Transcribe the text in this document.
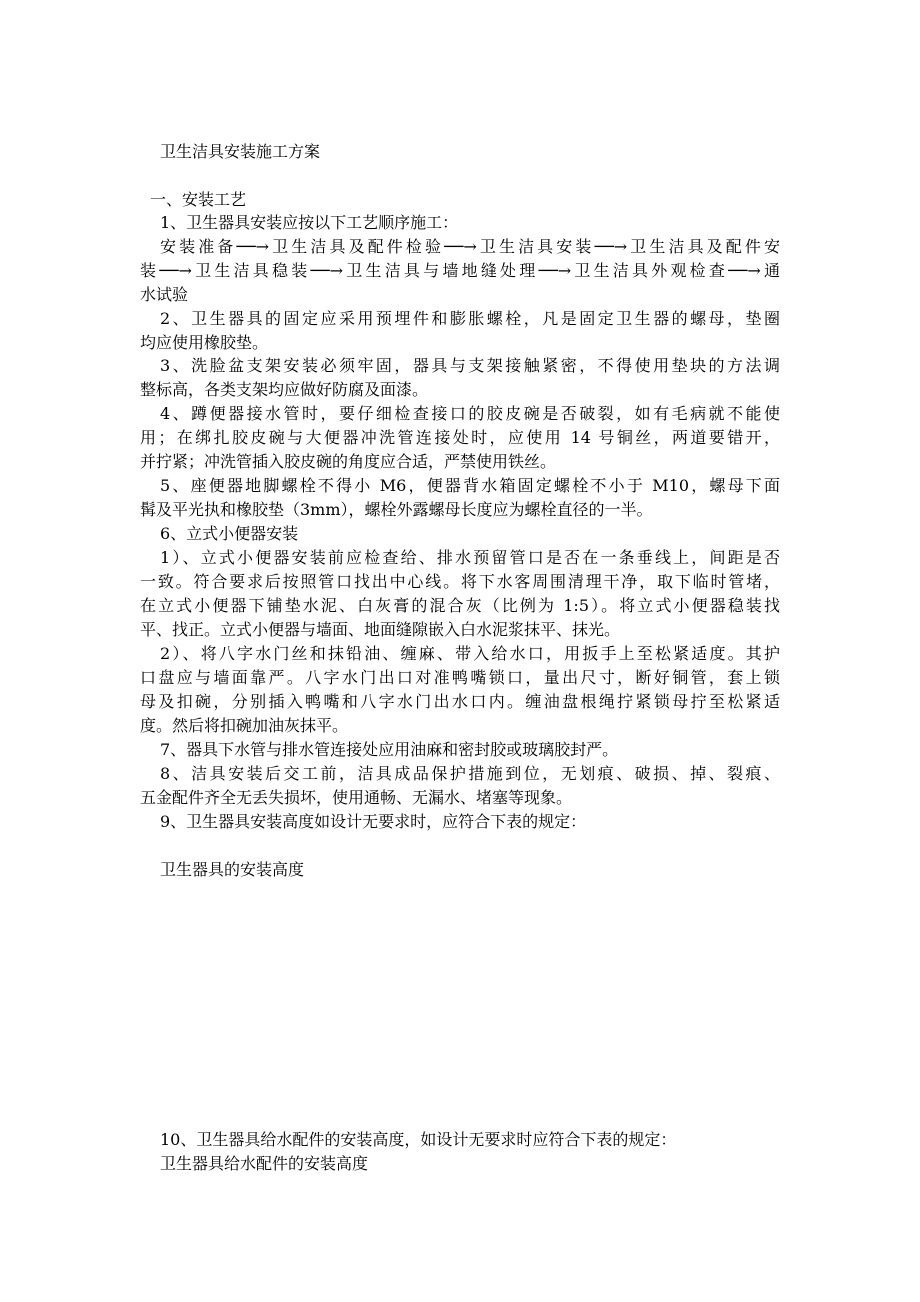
卫生洁具安装施工方案
一、安装工艺
1、卫生器具安装应按以下工艺顺序施工：
安装准备──→卫生洁具及配件检验──→卫生洁具安装──→卫生洁具及配件安
装──→卫生洁具稳装──→卫生洁具与墙地缝处理──→卫生洁具外观检查──→通
水试验
2、卫生器具的固定应采用预埋件和膨胀螺栓，凡是固定卫生器的螺母，垫圈
均应使用橡胶垫。
3、洗脸盆支架安装必须牢固，器具与支架接触紧密，不得使用垫块的方法调
整标高，各类支架均应做好防腐及面漆。
4、蹲便器接水管时，要仔细检查接口的胶皮碗是否破裂，如有毛病就不能使
用；在绑扎胶皮碗与大便器冲洗管连接处时，应使用 14 号铜丝，两道要错开，
并拧紧；冲洗管插入胶皮碗的角度应合适，严禁使用铁丝。
5、座便器地脚螺栓不得小 M6，便器背水箱固定螺栓不小于 M10，螺母下面
髯及平光执和橡胶垫（3mm），螺栓外露螺母长度应为螺栓直径的一半。
6、立式小便器安装
1）、立式小便器安装前应检查给、排水预留管口是否在一条垂线上，间距是否
一致。符合要求后按照管口找出中心线。将下水客周围清理干净，取下临时管堵，
在立式小便器下铺垫水泥、白灰膏的混合灰（比例为 1:5）。将立式小便器稳装找
平、找正。立式小便器与墙面、地面缝隙嵌入白水泥浆抹平、抹光。
2）、将八字水门丝和抹铅油、缠麻、带入给水口，用扳手上至松紧适度。其护
口盘应与墙面靠严。八字水门出口对准鸭嘴锁口，量出尺寸，断好铜管，套上锁
母及扣碗，分别插入鸭嘴和八字水门出水口内。缠油盘根绳拧紧锁母拧至松紧适
度。然后将扣碗加油灰抹平。
7、器具下水管与排水管连接处应用油麻和密封胶或玻璃胶封严。
8、洁具安装后交工前，洁具成品保护措施到位，无划痕、破损、掉、裂痕、
五金配件齐全无丢失损坏，使用通畅、无漏水、堵塞等现象。
9、卫生器具安装高度如设计无要求时，应符合下表的规定：
卫生器具的安装高度
10、卫生器具给水配件的安装高度，如设计无要求时应符合下表的规定：
卫生器具给水配件的安装高度
